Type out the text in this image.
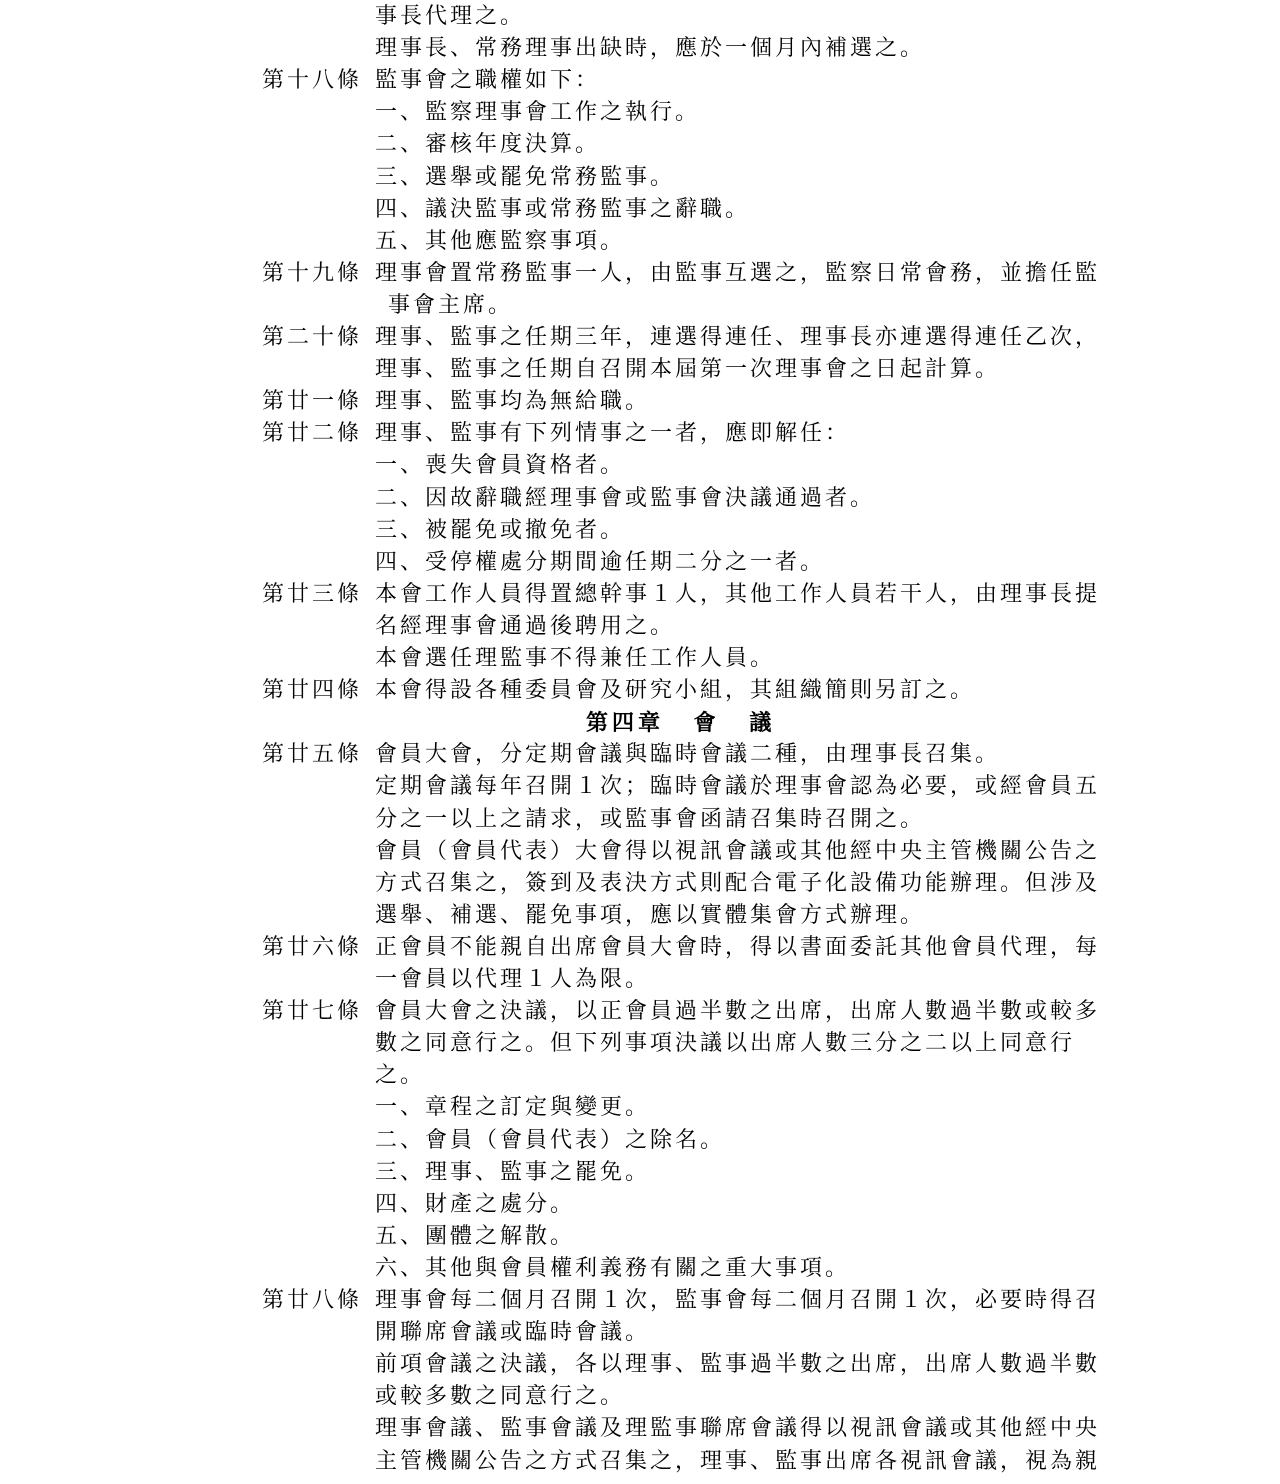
事長代理之。
理事長、常務理事出缺時，應於一個月內補選之。
第十八條 監事會之職權如下：
一、監察理事會工作之執行。
二、審核年度決算。
三、選舉或罷免常務監事。
四、議決監事或常務監事之辭職。
五、其他應監察事項。
第十九條 理事會置常務監事一人，由監事互選之，監察日常會務，並擔任監
事會主席。
第二十條 理事、監事之任期三年，連選得連任、理事長亦連選得連任乙次，
理事、監事之任期自召開本屆第一次理事會之日起計算。
第廿一條 理事、監事均為無給職。
第廿二條 理事、監事有下列情事之一者，應即解任：
一、喪失會員資格者。
二、因故辭職經理事會或監事會決議通過者。
三、被罷免或撤免者。
四、受停權處分期間逾任期二分之一者。
第廿三條 本會工作人員得置總幹事１人，其他工作人員若干人，由理事長提
名經理事會通過後聘用之。
本會選任理監事不得兼任工作人員。
第廿四條 本會得設各種委員會及研究小組，其組織簡則另訂之。
第四章 會 議
第廿五條 會員大會，分定期會議與臨時會議二種，由理事長召集。
定期會議每年召開１次；臨時會議於理事會認為必要，或經會員五
分之一以上之請求，或監事會函請召集時召開之。
會員（會員代表）大會得以視訊會議或其他經中央主管機關公告之
方式召集之，簽到及表決方式則配合電子化設備功能辦理。但涉及
選舉、補選、罷免事項，應以實體集會方式辦理。
第廿六條 正會員不能親自出席會員大會時，得以書面委託其他會員代理，每
一會員以代理１人為限。
第廿七條 會員大會之決議，以正會員過半數之出席，出席人數過半數或較多
數之同意行之。但下列事項決議以出席人數三分之二以上同意行
之。
一、章程之訂定與變更。
二、會員（會員代表）之除名。
三、理事、監事之罷免。
四、財產之處分。
五、團體之解散。
六、其他與會員權利義務有關之重大事項。
第廿八條 理事會每二個月召開１次，監事會每二個月召開１次，必要時得召
開聯席會議或臨時會議。
前項會議之決議，各以理事、監事過半數之出席，出席人數過半數
或較多數之同意行之。
理事會議、監事會議及理監事聯席會議得以視訊會議或其他經中央
主管機關公告之方式召集之，理事、監事出席各視訊會議，視為親
